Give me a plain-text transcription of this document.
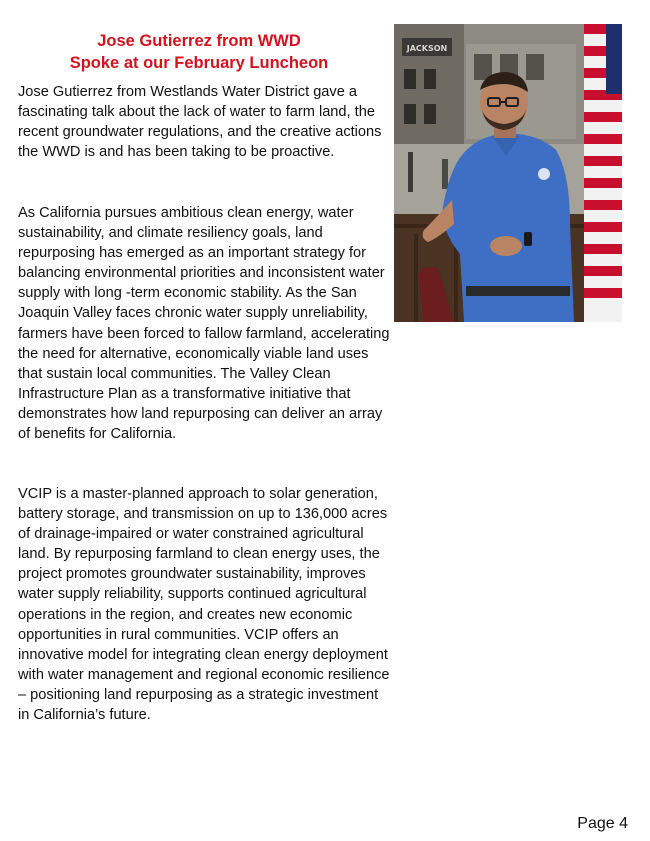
Jose Gutierrez from WWD
Spoke at our February Luncheon

Jose Gutierrez from Westlands Water District gave a fascinating talk about the lack of water to farm land, the recent groundwater regulations, and the creative actions the WWD is and has been taking to be proactive.

As California pursues ambitious clean energy, water sustainability, and climate resiliency goals, land repurposing has emerged as an important strategy for balancing environmental priorities and inconsistent water supply with long -term economic stability. As the San Joaquin Valley faces chronic water supply unreliability, farmers have been forced to fallow farmland, accelerating the need for alternative, economically viable land uses that sustain local communities. The Valley Clean Infrastructure Plan as a transformative initiative that demonstrates how land repurposing can deliver an array of benefits for California.

VCIP is a master-planned approach to solar generation, battery storage, and transmission on up to 136,000 acres of drainage-impaired or water constrained agricultural land. By repurposing farmland to clean energy uses, the project promotes groundwater sustainability, improves water supply reliability, supports continued agricultural operations in the region, and creates new economic opportunities in rural communities. VCIP offers an innovative model for integrating clean energy deployment with water management and regional economic resilience – positioning land repurposing as a strategic investment in California’s future.

JACKSON
Page 4
